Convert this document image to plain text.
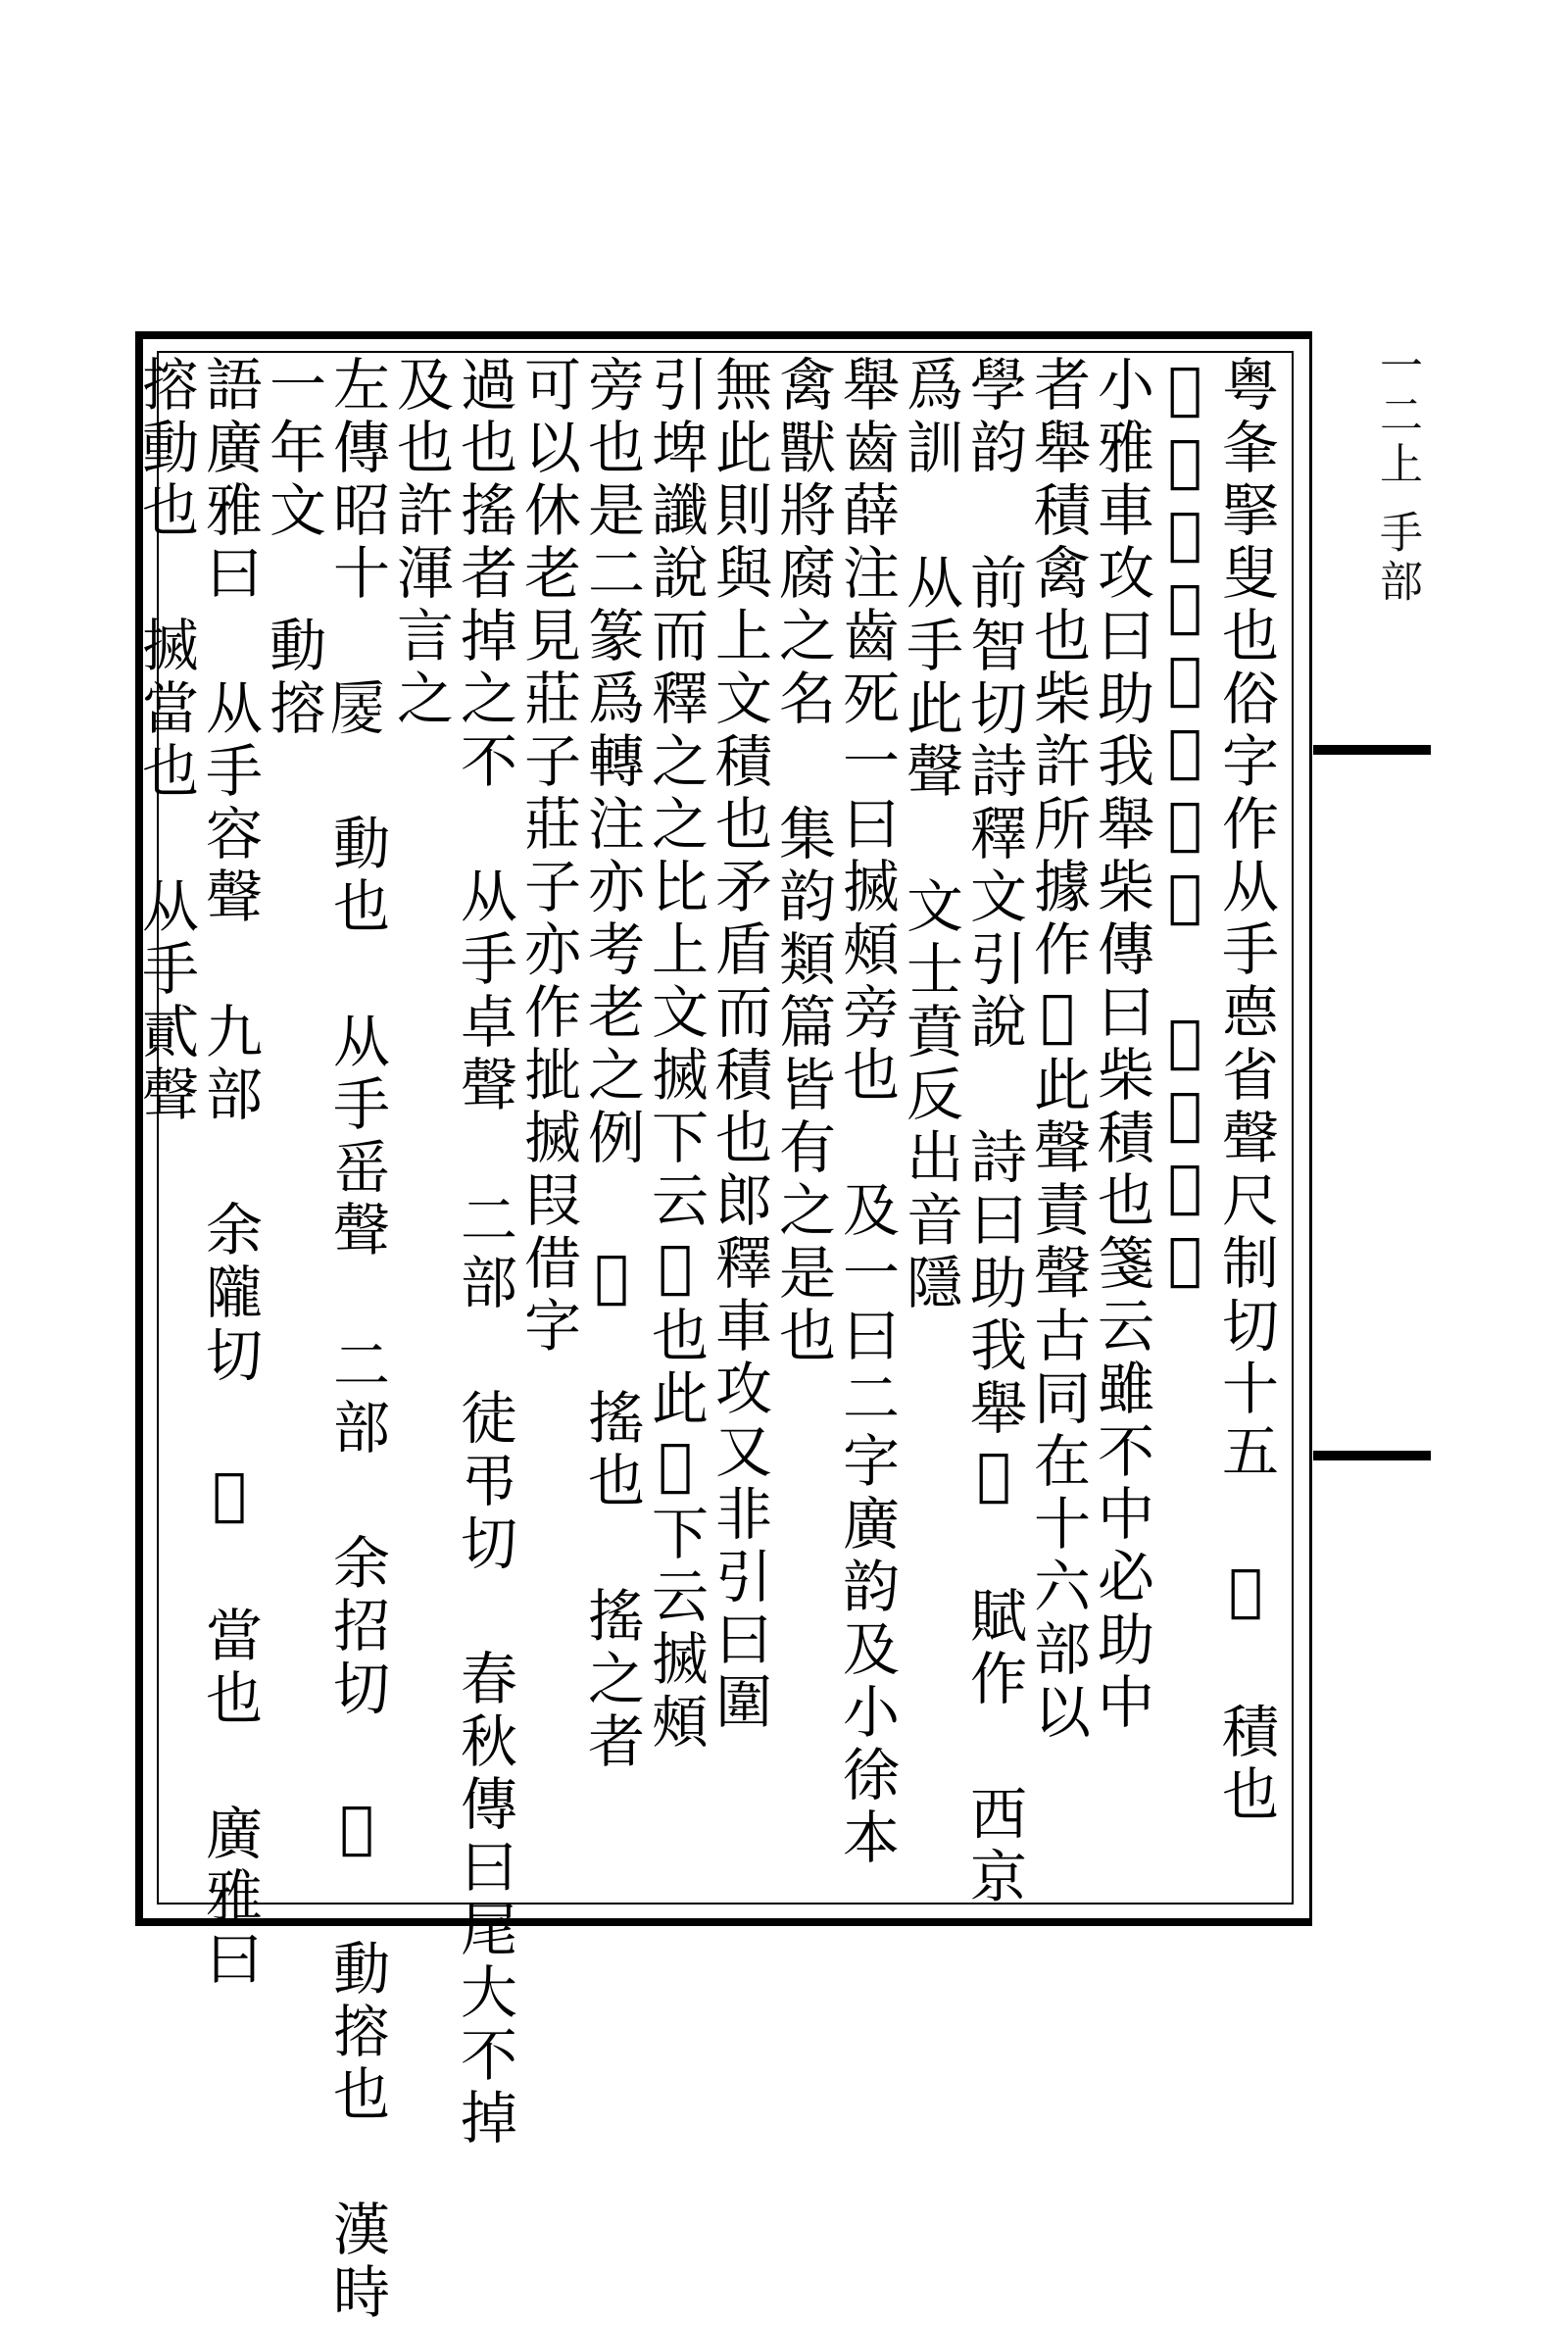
一二上 手部
粤夆掔叟也俗字作从手㥁省聲尺制切十五 𢪹 積也
𢪹作扯聲形皆異矣 部俗作掔
小雅車攻曰助我舉柴傳曰柴積也箋云雖不中必助中
者舉積禽也柴許所據作𢪹此聲責聲古同在十六部以
學韵 前智切詩釋文引說 詩曰助我舉𢪹 賦作 西京
爲訓 从手此聲 文士賁反出音隱
舉齒薛注齒死一曰搣頰旁也 及一曰二字廣韵及小徐本
禽獸將腐之名 集韵類篇皆有之是也
無此則與上文積也矛盾而積也郎釋車攻又非引曰圍
引埤讖說而釋之之比上文搣下云𢪹也此𢪹下云搣頰
旁也是二篆爲轉注亦考老之例 𢪹 搖也 搖之者
可以休老見莊子莊子亦作㧗搣叚借字
過也搖者掉之不 从手卓聲 二部 徒弔切 春秋傳曰尾大不掉
及也許渾言之
左傳昭十 𢩑 動也 从手䍃聲 二部 余招切 𢪹 動搈也 漢時
一年文 動搈
語廣雅曰 从手容聲 九部 余隴切 𢪹 當也 廣雅曰
搈動也 搣當也 从手貳聲
